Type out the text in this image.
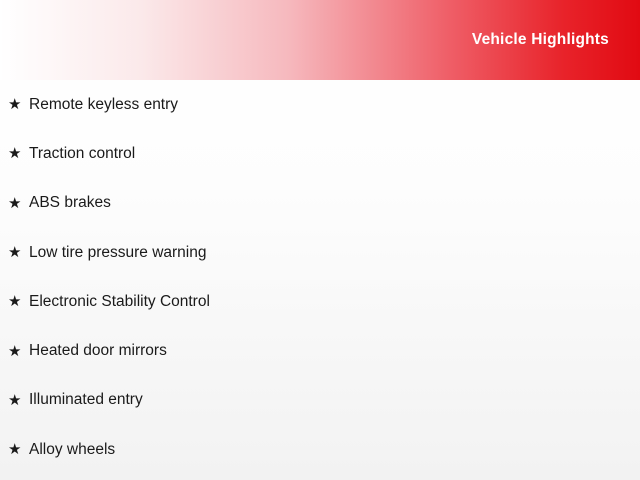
Vehicle Highlights
★ Remote keyless entry
★ Traction control
★ ABS brakes
★ Low tire pressure warning
★ Electronic Stability Control
★ Heated door mirrors
★ Illuminated entry
★ Alloy wheels
